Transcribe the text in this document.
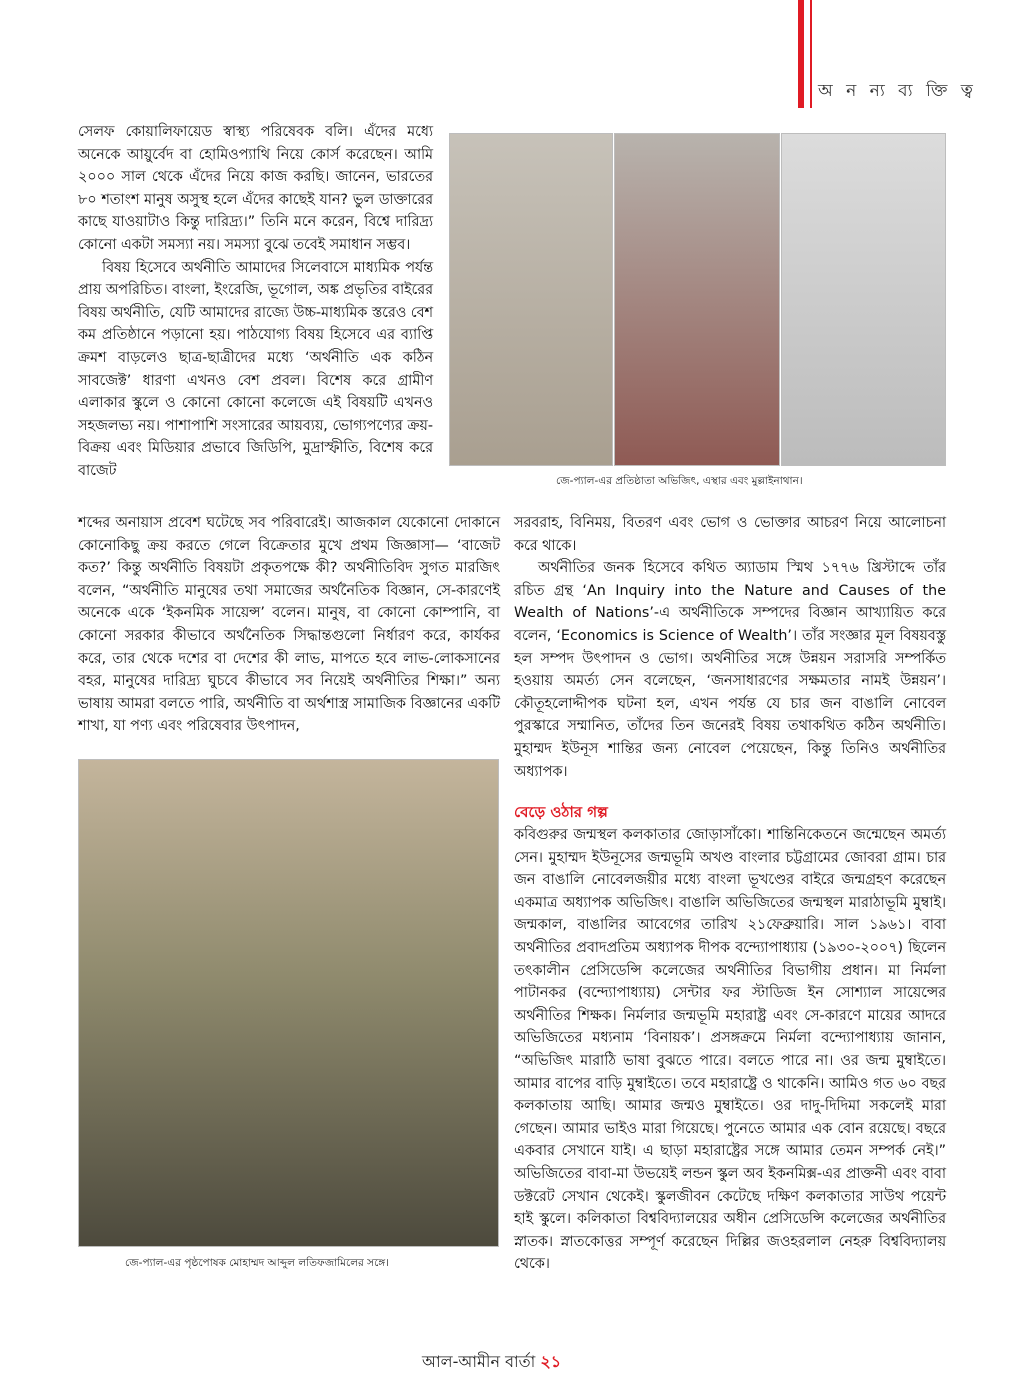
অ ন ন্য ব্য ক্তি ত্ব

সেলফ কোয়ালিফায়েড স্বাস্থ্য পরিষেবক বলি। এঁদের মধ্যে অনেকে আয়ুর্বেদ বা হোমিওপ্যাথি নিয়ে কোর্স করেছেন। আমি ২০০০ সাল থেকে এঁদের নিয়ে কাজ করছি। জানেন, ভারতের ৮০ শতাংশ মানুষ অসুস্থ হলে এঁদের কাছেই যান? ভুল ডাক্তারের কাছে যাওয়াটাও কিন্তু দারিদ্র্য।” তিনি মনে করেন, বিশ্বে দারিদ্র্য কোনো একটা সমস্যা নয়। সমস্যা বুঝে তবেই সমাধান সম্ভব।

বিষয় হিসেবে অর্থনীতি আমাদের সিলেবাসে মাধ্যমিক পর্যন্ত প্রায় অপরিচিত। বাংলা, ইংরেজি, ভূগোল, অঙ্ক প্রভৃতির বাইরের বিষয় অর্থনীতি, যেটি আমাদের রাজ্যে উচ্চ-মাধ্যমিক স্তরেও বেশ কম প্রতিষ্ঠানে পড়ানো হয়। পাঠযোগ্য বিষয় হিসেবে এর ব্যাপ্তি ক্রমশ বাড়লেও ছাত্র-ছাত্রীদের মধ্যে ‘অর্থনীতি এক কঠিন সাবজেক্ট’ ধারণা এখনও বেশ প্রবল। বিশেষ করে গ্রামীণ এলাকার স্কুলে ও কোনো কোনো কলেজে এই বিষয়টি এখনও সহজলভ্য নয়। পাশাপাশি সংসারের আয়ব্যয়, ভোগ্যপণ্যের ক্রয়-বিক্রয় এবং মিডিয়ার প্রভাবে জিডিপি, মুদ্রাস্ফীতি, বিশেষ করে বাজেট

জে-প্যাল-এর প্রতিষ্ঠাতা অভিজিৎ, এস্থার এবং মুল্লাইনাথান।

শব্দের অনায়াস প্রবেশ ঘটেছে সব পরিবারেই। আজকাল যেকোনো দোকানে কোনোকিছু ক্রয় করতে গেলে বিক্রেতার মুখে প্রথম জিজ্ঞাসা— ‘বাজেট কত?’ কিন্তু অর্থনীতি বিষয়টা প্রকৃতপক্ষে কী? অর্থনীতিবিদ সুগত মারজিৎ বলেন, “অর্থনীতি মানুষের তথা সমাজের অর্থনৈতিক বিজ্ঞান, সে-কারণেই অনেকে একে ‘ইকনমিক সায়েন্স’ বলেন। মানুষ, বা কোনো কোম্পানি, বা কোনো সরকার কীভাবে অর্থনৈতিক সিদ্ধান্তগুলো নির্ধারণ করে, কার্যকর করে, তার থেকে দশের বা দেশের কী লাভ, মাপতে হবে লাভ-লোকসানের বহর, মানুষের দারিদ্র্য ঘুচবে কীভাবে সব নিয়েই অর্থনীতির শিক্ষা।” অন্য ভাষায় আমরা বলতে পারি, অর্থনীতি বা অর্থশাস্ত্র সামাজিক বিজ্ঞানের একটি শাখা, যা পণ্য এবং পরিষেবার উৎপাদন,

সরবরাহ, বিনিময়, বিতরণ এবং ভোগ ও ভোক্তার আচরণ নিয়ে আলোচনা করে থাকে।

অর্থনীতির জনক হিসেবে কথিত অ্যাডাম স্মিথ ১৭৭৬ খ্রিস্টাব্দে তাঁর রচিত গ্রন্থ ‘An Inquiry into the Nature and Causes of the Wealth of Nations’-এ অর্থনীতিকে সম্পদের বিজ্ঞান আখ্যায়িত করে বলেন, ‘Economics is Science of Wealth’। তাঁর সংজ্ঞার মূল বিষয়বস্তু হল সম্পদ উৎপাদন ও ভোগ। অর্থনীতির সঙ্গে উন্নয়ন সরাসরি সম্পর্কিত হওয়ায় অমর্ত্য সেন বলেছেন, ‘জনসাধারণের সক্ষমতার নামই উন্নয়ন’। কৌতূহলোদ্দীপক ঘটনা হল, এখন পর্যন্ত যে চার জন বাঙালি নোবেল পুরস্কারে সম্মানিত, তাঁদের তিন জনেরই বিষয় তথাকথিত কঠিন অর্থনীতি। মুহাম্মদ ইউনূস শান্তির জন্য নোবেল পেয়েছেন, কিন্তু তিনিও অর্থনীতির অধ্যাপক।

জে-প্যাল-এর পৃষ্ঠপোষক মোহাম্মদ আব্দুল লতিফজামিলের সঙ্গে।
বেড়ে ওঠার গল্প

কবিগুরুর জন্মস্থল কলকাতার জোড়াসাঁকো। শান্তিনিকেতনে জন্মেছেন অমর্ত্য সেন। মুহাম্মদ ইউনূসের জন্মভূমি অখণ্ড বাংলার চট্টগ্রামের জোবরা গ্রাম। চার জন বাঙালি নোবেলজয়ীর মধ্যে বাংলা ভূখণ্ডের বাইরে জন্মগ্রহণ করেছেন একমাত্র অধ্যাপক অভিজিৎ। বাঙালি অভিজিতের জন্মস্থল মারাঠাভূমি মুম্বাই। জন্মকাল, বাঙালির আবেগের তারিখ ২১ফেব্রুয়ারি। সাল ১৯৬১। বাবা অর্থনীতির প্রবাদপ্রতিম অধ্যাপক দীপক বন্দ্যোপাধ্যায় (১৯৩০-২০০৭) ছিলেন তৎকালীন প্রেসিডেন্সি কলেজের অর্থনীতির বিভাগীয় প্রধান। মা নির্মলা পাটানকর (বন্দ্যোপাধ্যায়) সেন্টার ফর স্টাডিজ ইন সোশ্যাল সায়েন্সের অর্থনীতির শিক্ষক। নির্মলার জন্মভূমি মহারাষ্ট্র এবং সে-কারণে মায়ের আদরে অভিজিতের মধ্যনাম ‘বিনায়ক’। প্রসঙ্গক্রমে নির্মলা বন্দ্যোপাধ্যায় জানান, “অভিজিৎ মারাঠি ভাষা বুঝতে পারে। বলতে পারে না। ওর জন্ম মুম্বাইতে। আমার বাপের বাড়ি মুম্বাইতে। তবে মহারাষ্ট্রে ও থাকেনি। আমিও গত ৬০ বছর কলকাতায় আছি। আমার জন্মও মুম্বাইতে। ওর দাদু-দিদিমা সকলেই মারা গেছেন। আমার ভাইও মারা গিয়েছে। পুনেতে আমার এক বোন রয়েছে। বছরে একবার সেখানে যাই। এ ছাড়া মহারাষ্ট্রের সঙ্গে আমার তেমন সম্পর্ক নেই।” অভিজিতের বাবা-মা উভয়েই লন্ডন স্কুল অব ইকনমিক্স-এর প্রাক্তনী এবং বাবা ডক্টরেট সেখান থেকেই। স্কুলজীবন কেটেছে দক্ষিণ কলকাতার সাউথ পয়েন্ট হাই স্কুলে। কলিকাতা বিশ্ববিদ্যালয়ের অধীন প্রেসিডেন্সি কলেজের অর্থনীতির স্নাতক। স্নাতকোত্তর সম্পূর্ণ করেছেন দিল্লির জওহরলাল নেহরু বিশ্ববিদ্যালয় থেকে।

আল-আমীন বার্তা ২১
